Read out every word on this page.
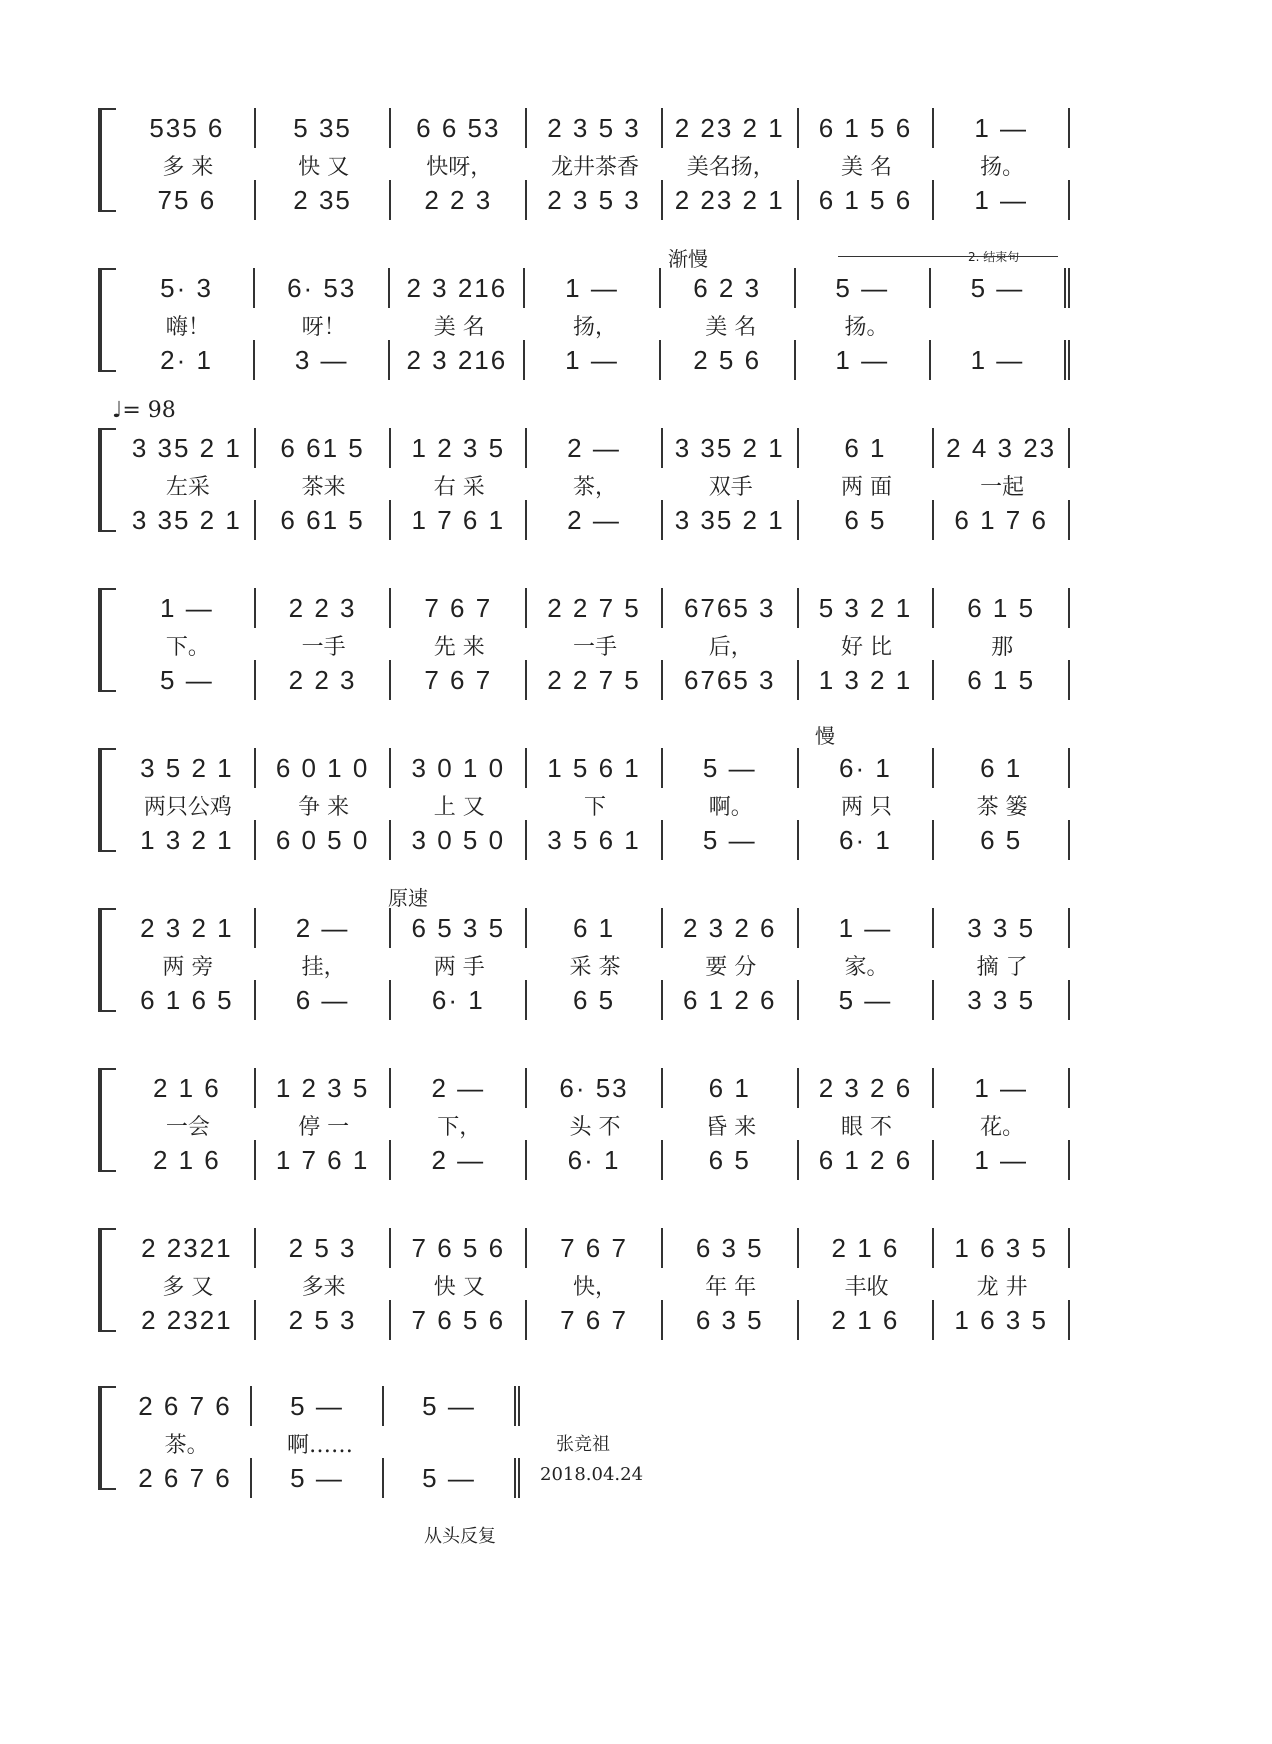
535 6	5 35	6 6 53	2 3 5 3	2 23 2 1	6 1 5 6	1 —
75 6	2 35	2 2 3	2 3 5 3	2 23 2 1	6 1 5 6	1 —
多 来	快 又	快呀，	龙井茶香	美名扬，	美 名	扬。
5· 3	6· 53	2 3 216	1 —	6 2 3	5 —	5 —
2· 1	3 —	2 3 216	1 —	2 5 6	1 —	1 —
嗨！	呀！	美 名	扬，	美 名	扬。
3 35 2 1	6 61 5	1 2 3 5	2 —	3 35 2 1	6 1	2 4 3 23
3 35 2 1	6 61 5	1 7 6 1	2 —	3 35 2 1	6 5	6 1 7 6
左采	茶来	右 采	茶，	双手	两 面	一起
1 —	2 2 3	7 6 7	2 2 7 5	6765 3	5 3 2 1	6 1 5
5 —	2 2 3	7 6 7	2 2 7 5	6765 3	1 3 2 1	6 1 5
下。	一手	先 来	一手	后，	好 比	那
3 5 2 1	6 0 1 0	3 0 1 0	1 5 6 1	5 —	6· 1	6 1
1 3 2 1	6 0 5 0	3 0 5 0	3 5 6 1	5 —	6· 1	6 5
两只公鸡	争 来	上 又	下	啊。	两 只	茶 篓
2 3 2 1	2 —	6 5 3 5	6 1	2 3 2 6	1 —	3 3 5
6 1 6 5	6 —	6· 1	6 5	6 1 2 6	5 —	3 3 5
两 旁	挂，	两 手	采 茶	要 分	家。	摘 了
2 1 6	1 2 3 5	2 —	6· 53	6 1	2 3 2 6	1 —
2 1 6	1 7 6 1	2 —	6· 1	6 5	6 1 2 6	1 —
一会	停 一	下，	头 不	昏 来	眼 不	花。
2 2321	2 5 3	7 6 5 6	7 6 7	6 3 5	2 1 6	1 6 3 5
2 2321	2 5 3	7 6 5 6	7 6 7	6 3 5	2 1 6	1 6 3 5
多 又	多来	快 又	快，	年 年	丰收	龙 井
2 6 7 6	5 —	5 —
2 6 7 6	5 —	5 —
茶。	啊……
渐慢	2. 结束句
♩= 98
慢
原速
从头反复
张竞祖
2018.04.24
